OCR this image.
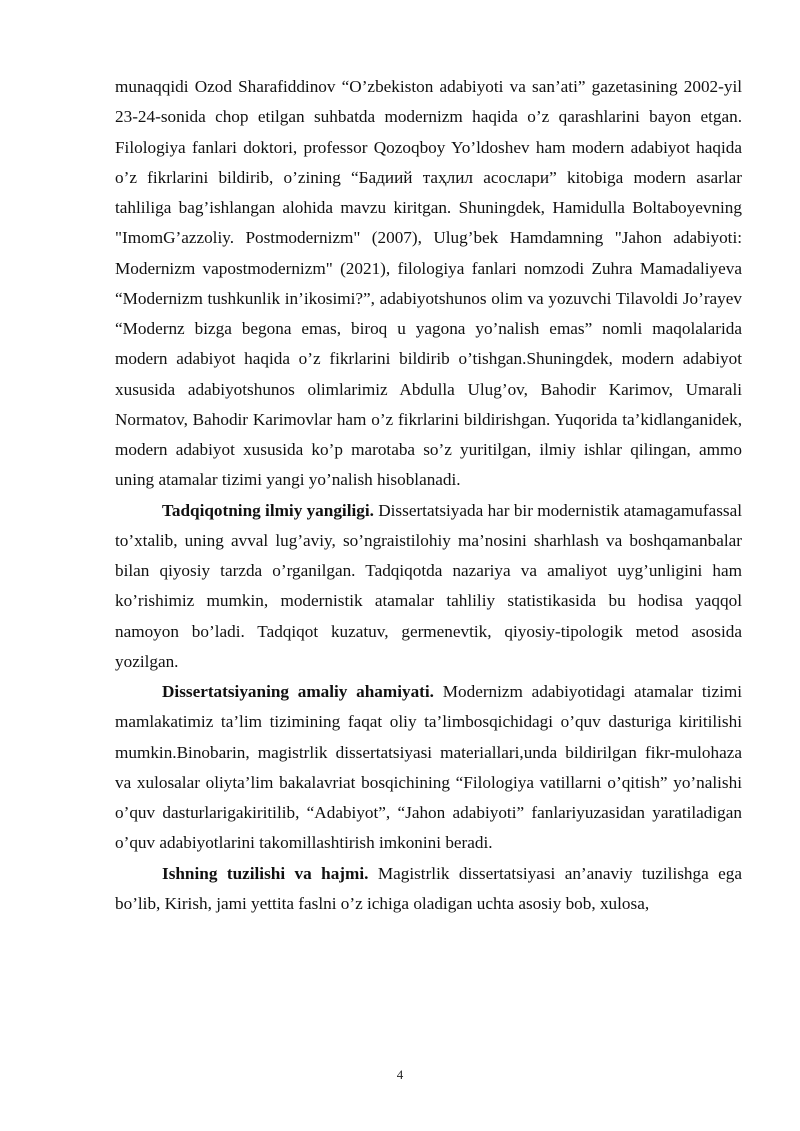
munaqqidi Ozod Sharafiddinov “O’zbekiston adabiyoti va san’ati” gazetasining 2002-yil 23-24-sonida chop etilgan suhbatda modernizm haqida o’z qarashlarini bayon etgan. Filologiya fanlari doktori, professor Qozoqboy Yo’ldoshev ham modern adabiyot haqida o’z fikrlarini bildirib, o’zining “Бадиий таҳлил асослари” kitobiga modern asarlar tahliliga bag’ishlangan alohida mavzu kiritgan. Shuningdek, Hamidulla Boltaboyevning "ImomG’azzoliy. Postmodernizm" (2007), Ulug’bek Hamdamning "Jahon adabiyoti: Modernizm vapostmodernizm" (2021), filologiya fanlari nomzodi Zuhra Mamadaliyeva “Modernizm tushkunlik in’ikosimi?”, adabiyotshunos olim va yozuvchi Tilavoldi Jo’rayev “Modernz bizga begona emas, biroq u yagona yo’nalish emas” nomli maqolalarida modern adabiyot haqida o’z fikrlarini bildirib o’tishgan.Shuningdek, modern adabiyot xususida adabiyotshunos olimlarimiz Abdulla Ulug’ov, Bahodir Karimov, Umarali Normatov, Bahodir Karimovlar ham o’z fikrlarini bildirishgan. Yuqorida ta’kidlanganidek, modern adabiyot xususida ko’p marotaba so’z yuritilgan, ilmiy ishlar qilingan, ammo uning atamalar tizimi yangi yo’nalish hisoblanadi.

Tadqiqotning ilmiy yangiligi. Dissertatsiyada har bir modernistik atamagamufassal to’xtalib, uning avval lug’aviy, so’ngraistilohiy ma’nosini sharhlash va boshqamanbalar bilan qiyosiy tarzda o’rganilgan. Tadqiqotda nazariya va amaliyot uyg’unligini ham ko’rishimiz mumkin, modernistik atamalar tahliliy statistikasida bu hodisa yaqqol namoyon bo’ladi. Tadqiqot kuzatuv, germenevtik, qiyosiy-tipologik metod asosida yozilgan.

Dissertatsiyaning amaliy ahamiyati. Modernizm adabiyotidagi atamalar tizimi mamlakatimiz ta’lim tizimining faqat oliy ta’limbosqichidagi o’quv dasturiga kiritilishi mumkin.Binobarin, magistrlik dissertatsiyasi materiallari,unda bildirilgan fikr-mulohaza va xulosalar oliyta’lim bakalavriat bosqichining “Filologiya vatillarni o’qitish” yo’nalishi o’quv dasturlarigakiritilib, “Adabiyot”, “Jahon adabiyoti” fanlariyuzasidan yaratiladigan o’quv adabiyotlarini takomillashtirish imkonini beradi.

Ishning tuzilishi va hajmi. Magistrlik dissertatsiyasi an’anaviy tuzilishga ega bo’lib, Kirish, jami yettita faslni o’z ichiga oladigan uchta asosiy bob, xulosa,

4
